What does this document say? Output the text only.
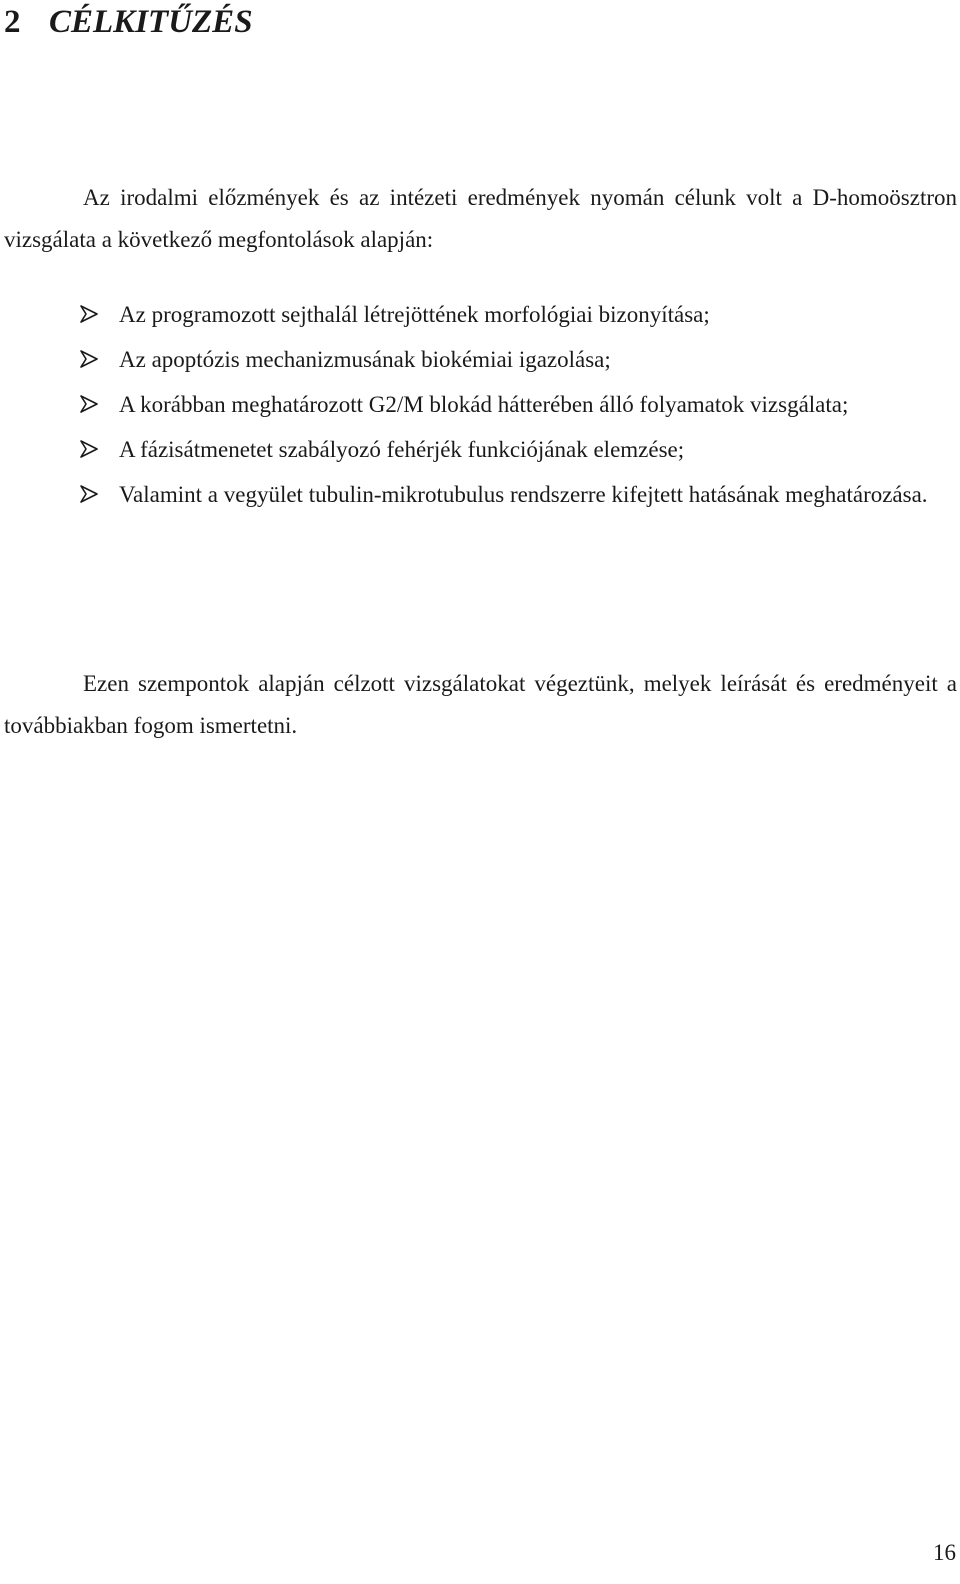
2 CÉLKITŰZÉS

Az irodalmi előzmények és az intézeti eredmények nyomán célunk volt a D-homoösztron vizsgálata a következő megfontolások alapján:

Az programozott sejthalál létrejöttének morfológiai bizonyítása;
Az apoptózis mechanizmusának biokémiai igazolása;
A korábban meghatározott G2/M blokád hátterében álló folyamatok vizsgálata;
A fázisátmenetet szabályozó fehérjék funkciójának elemzése;
Valamint a vegyület tubulin-mikrotubulus rendszerre kifejtett hatásának meghatározása.

Ezen szempontok alapján célzott vizsgálatokat végeztünk, melyek leírását és eredményeit a továbbiakban fogom ismertetni.

16
